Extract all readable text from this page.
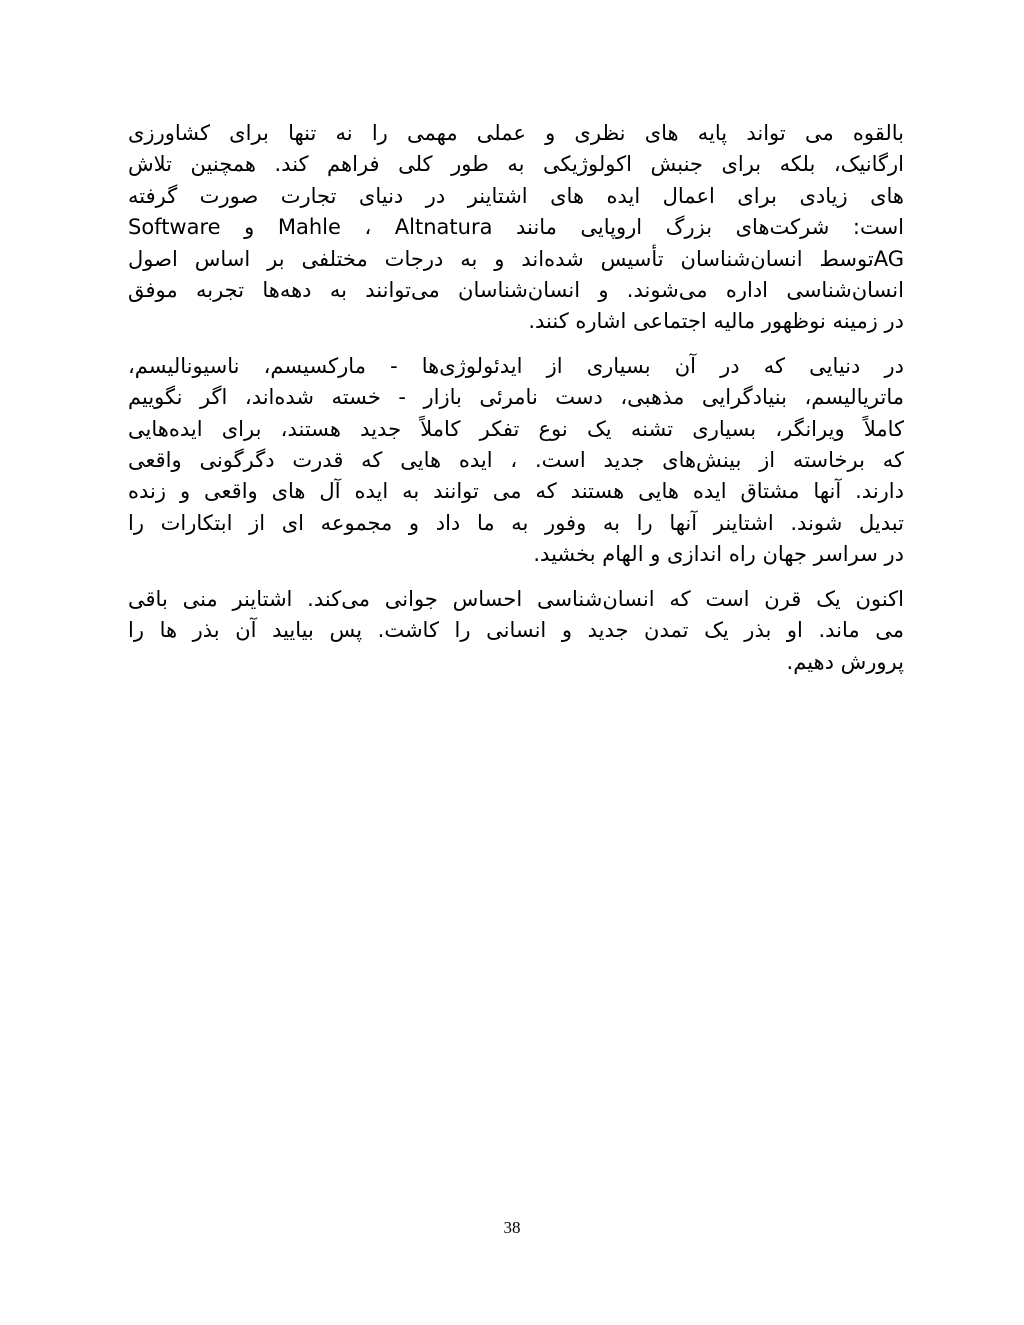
بالقوه می تواند پایه های نظری و عملی مهمی را نه تنها برای کشاورزی
ارگانیک، بلکه برای جنبش اکولوژیکی به طور کلی فراهم کند. همچنین تلاش
های زیادی برای اعمال ایده های اشتاینر در دنیای تجارت صورت گرفته
است: شرکت‌های بزرگ اروپایی مانند Mahle ، Altnatura و Software
AGتوسط انسان‌شناسان تأسیس شده‌اند و به درجات مختلفی بر اساس اصول
انسان‌شناسی اداره می‌شوند. و انسان‌شناسان می‌توانند به دهه‌ها تجربه موفق
در زمینه نوظهور مالیه اجتماعی اشاره کنند.

در دنیایی که در آن بسیاری از ایدئولوژی‌ها - مارکسیسم، ناسیونالیسم،
ماتریالیسم، بنیادگرایی مذهبی، دست نامرئی بازار - خسته شده‌اند، اگر نگوییم
کاملاً ویرانگر، بسیاری تشنه یک نوع تفکر کاملاً جدید هستند، برای ایده‌هایی
که برخاسته از بینش‌های جدید است. ، ایده هایی که قدرت دگرگونی واقعی
دارند. آنها مشتاق ایده هایی هستند که می توانند به ایده آل های واقعی و زنده
تبدیل شوند. اشتاینر آنها را به وفور به ما داد و مجموعه ای از ابتکارات را
در سراسر جهان راه اندازی و الهام بخشید.

اکنون یک قرن است که انسان‌شناسی احساس جوانی می‌کند. اشتاینر منی باقی
می ماند. او بذر یک تمدن جدید و انسانی را کاشت. پس بیایید آن بذر ها را
پرورش دهیم.

38
